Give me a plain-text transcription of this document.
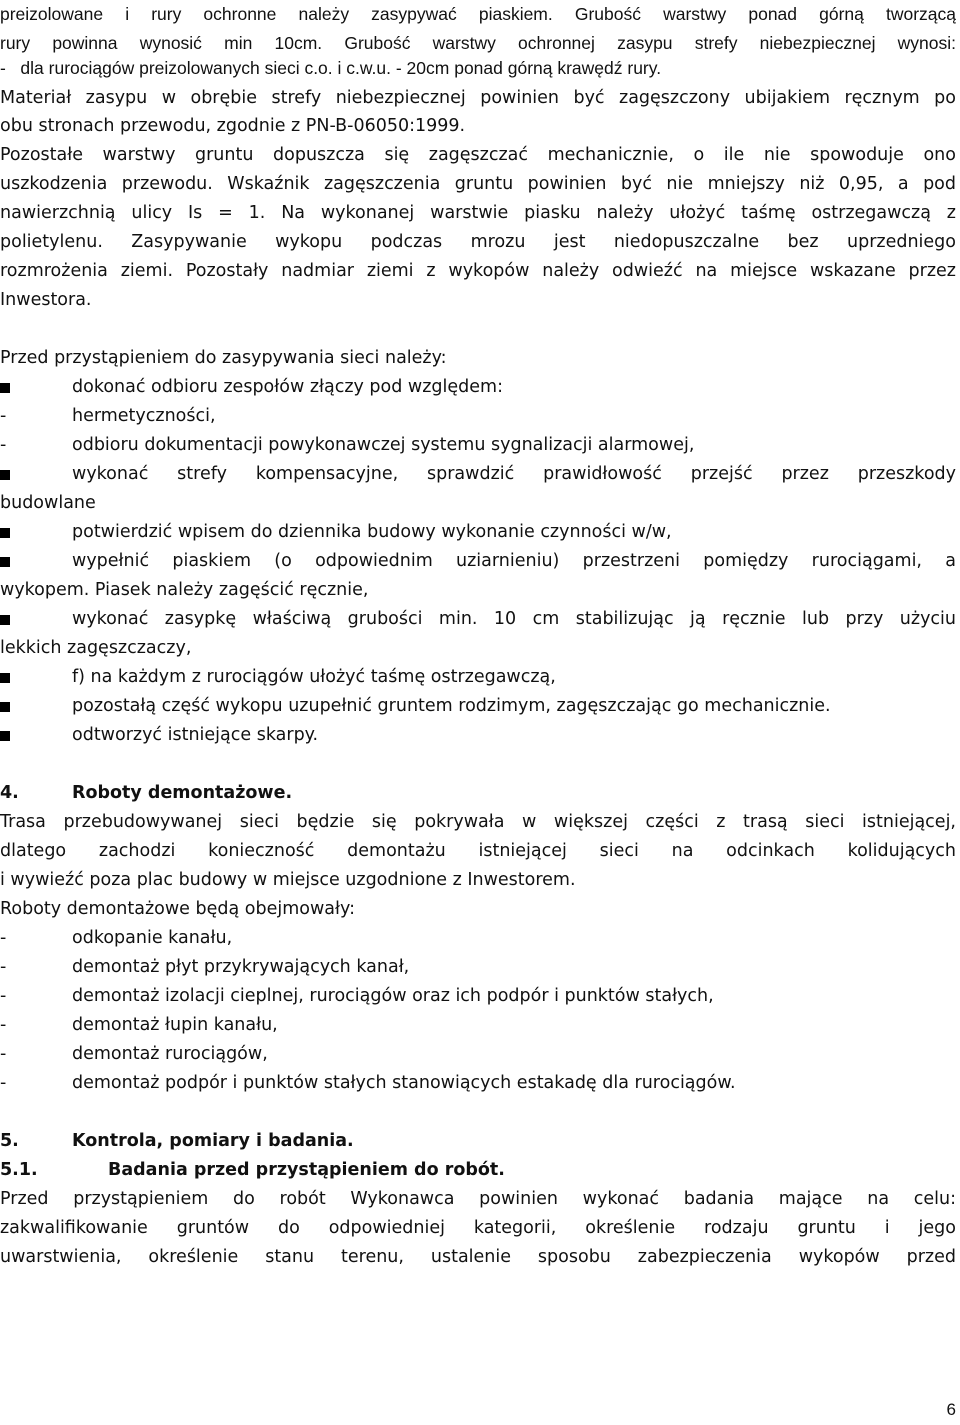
preizolowane i rury ochronne należy zasypywać piaskiem. Grubość warstwy ponad górną tworzącą

rury powinna wynosić min 10cm. Grubość warstwy ochronnej zasypu strefy niebezpiecznej wynosi:

-   dla rurociągów preizolowanych sieci c.o. i c.w.u. - 20cm ponad górną krawędź rury.

Materiał zasypu w obrębie strefy niebezpiecznej powinien być zagęszczony ubijakiem ręcznym po

obu stronach przewodu, zgodnie z PN-B-06050:1999.

Pozostałe warstwy gruntu dopuszcza się zagęszczać mechanicznie, o ile nie spowoduje ono

uszkodzenia przewodu. Wskaźnik zagęszczenia gruntu powinien być nie mniejszy niż 0,95, a pod

nawierzchnią ulicy Is = 1. Na wykonanej warstwie piasku należy ułożyć taśmę ostrzegawczą z

polietylenu. Zasypywanie wykopu podczas mrozu jest niedopuszczalne bez uprzedniego

rozmrożenia ziemi. Pozostały nadmiar ziemi z wykopów należy odwieźć na miejsce wskazane przez

Inwestora.

Przed przystąpieniem do zasypywania sieci należy:

dokonać odbioru zespołów złączy pod względem:
-	hermetyczności,
-	odbioru dokumentacji powykonawczej systemu sygnalizacji alarmowej,
wykonać strefy kompensacyjne, sprawdzić prawidłowość przejść przez przeszkody

budowlane

potwierdzić wpisem do dziennika budowy wykonanie czynności w/w,
wypełnić piaskiem (o odpowiednim uziarnieniu) przestrzeni pomiędzy rurociągami, a

wykopem. Piasek należy zagęścić ręcznie,

wykonać zasypkę właściwą grubości min. 10 cm stabilizując ją ręcznie lub przy użyciu

lekkich zagęszczaczy,

f) na każdym z rurociągów ułożyć taśmę ostrzegawczą,
pozostałą część wykopu uzupełnić gruntem rodzimym, zagęszczając go mechanicznie.
odtworzyć istniejące skarpy.
4.	Roboty demontażowe.

Trasa przebudowywanej sieci będzie się pokrywała w większej części z trasą sieci istniejącej,

dlatego zachodzi konieczność demontażu istniejącej sieci na odcinkach kolidujących

i wywieźć poza plac budowy w miejsce uzgodnione z Inwestorem.

Roboty demontażowe będą obejmowały:

-	odkopanie kanału,
-	demontaż płyt przykrywających kanał,
-	demontaż izolacji cieplnej, rurociągów oraz ich podpór i punktów stałych,
-	demontaż łupin kanału,
-	demontaż rurociągów,
-	demontaż podpór i punktów stałych stanowiących estakadę dla rurociągów.
5.	Kontrola, pomiary i badania.
5.1.	Badania przed przystąpieniem do robót.

Przed przystąpieniem do robót Wykonawca powinien wykonać badania mające na celu:

zakwalifikowanie gruntów do odpowiedniej kategorii, określenie rodzaju gruntu i jego

uwarstwienia, określenie stanu terenu, ustalenie sposobu zabezpieczenia wykopów przed

6
